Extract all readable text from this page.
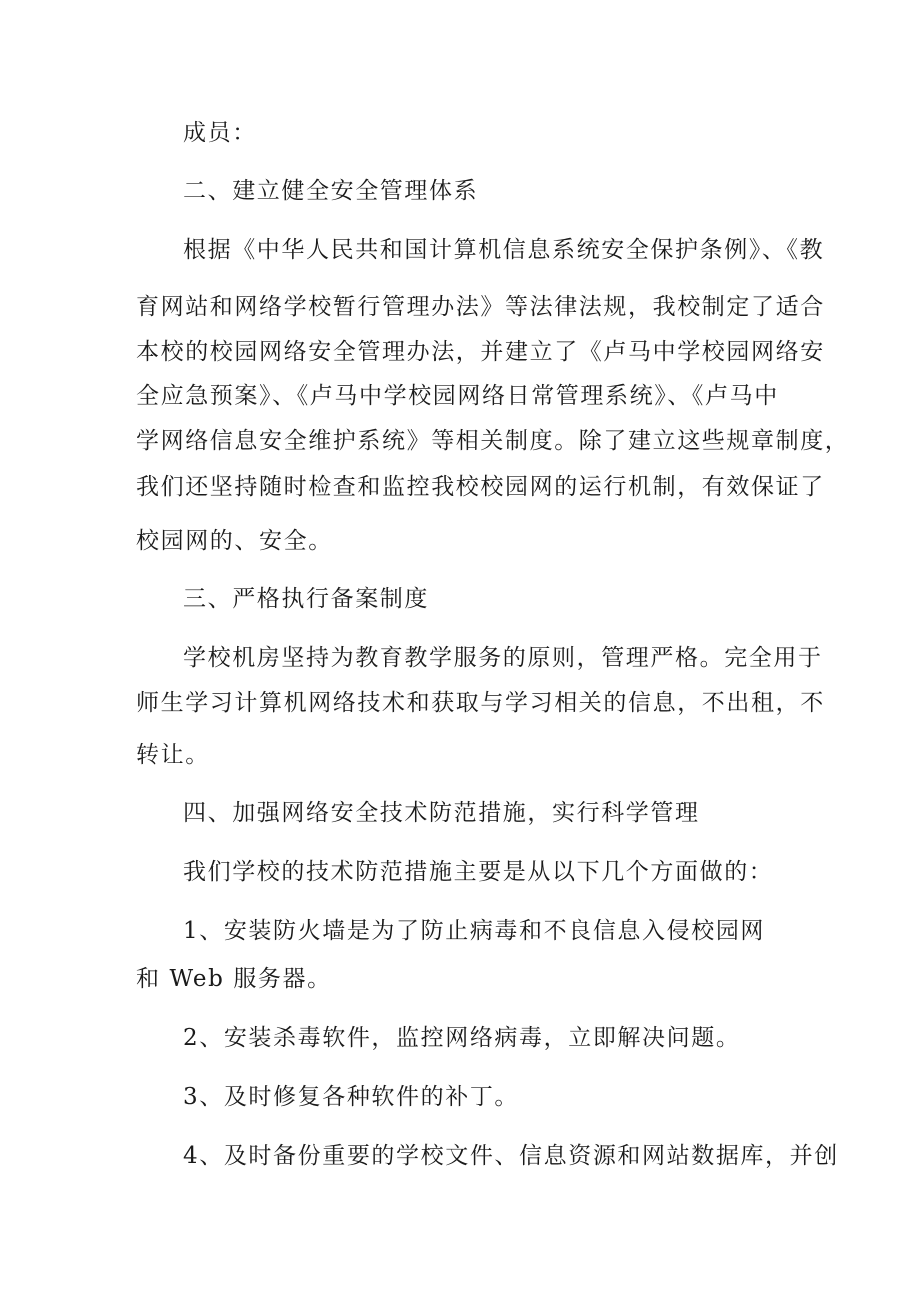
成员：
二、建立健全安全管理体系
根据《中华人民共和国计算机信息系统安全保护条例》、《教
育网站和网络学校暂行管理办法》等法律法规，我校制定了适合
本校的校园网络安全管理办法，并建立了《卢马中学校园网络安
全应急预案》、《卢马中学校园网络日常管理系统》、《卢马中
学网络信息安全维护系统》等相关制度。除了建立这些规章制度，
我们还坚持随时检查和监控我校校园网的运行机制，有效保证了
校园网的、安全。
三、严格执行备案制度
学校机房坚持为教育教学服务的原则，管理严格。完全用于
师生学习计算机网络技术和获取与学习相关的信息，不出租，不
转让。
四、加强网络安全技术防范措施，实行科学管理
我们学校的技术防范措施主要是从以下几个方面做的：
1、安装防火墙是为了防止病毒和不良信息入侵校园网
和 Web 服务器。
2、安装杀毒软件，监控网络病毒，立即解决问题。
3、及时修复各种软件的补丁。
4、及时备份重要的学校文件、信息资源和网站数据库，并创
